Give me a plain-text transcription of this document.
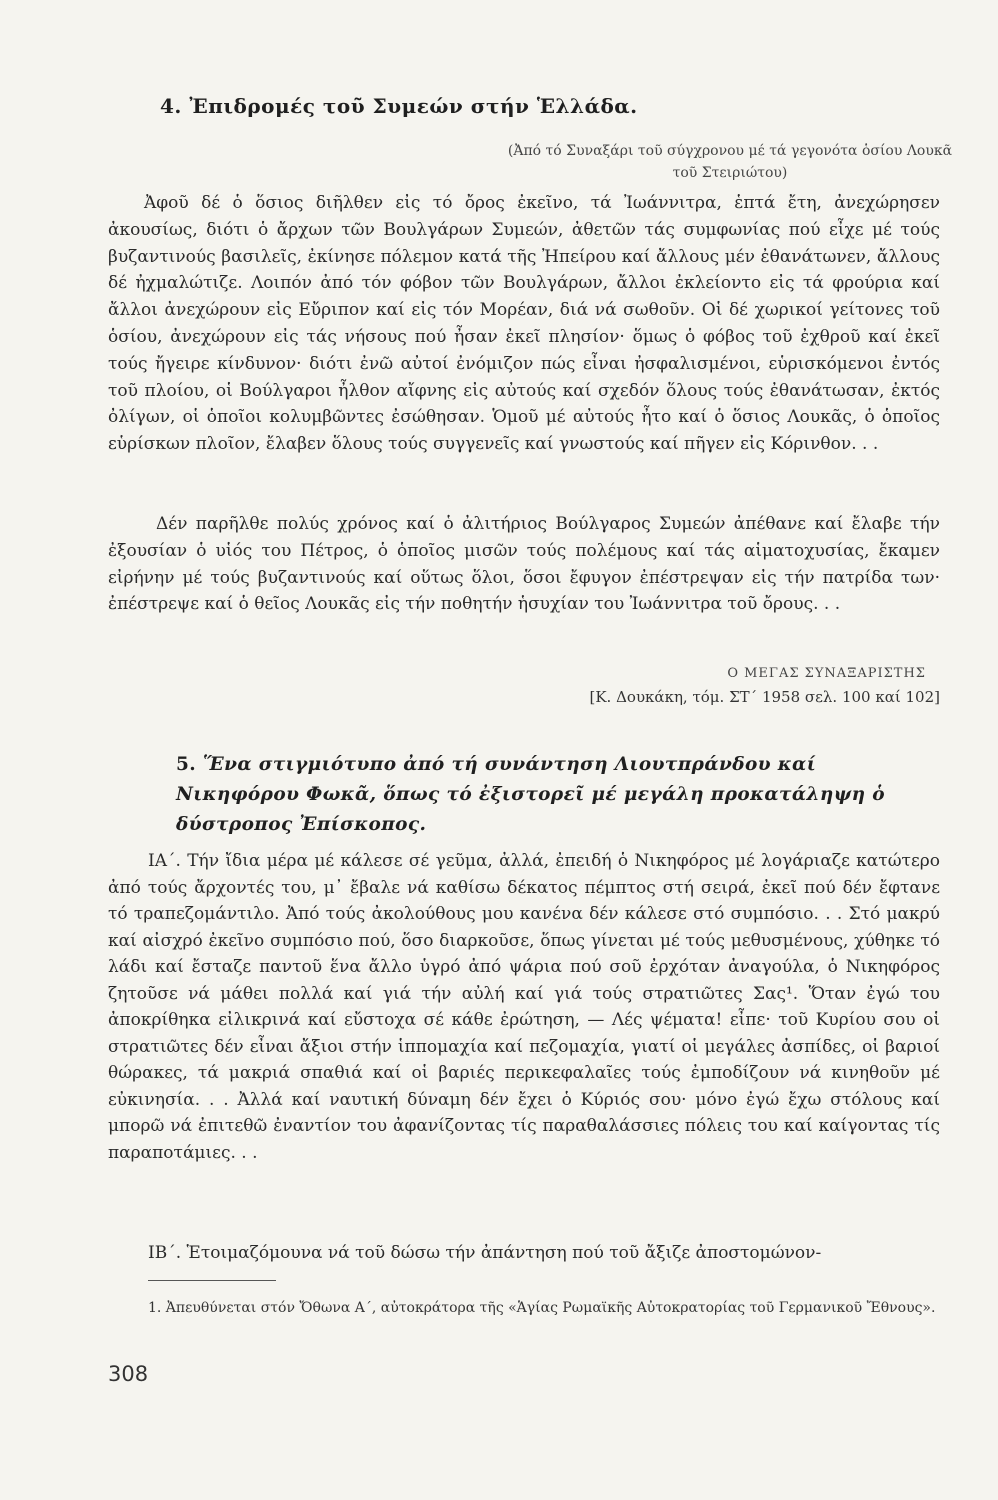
4. Ἐπιδρομές τοῦ Συμεών στήν Ἑλλάδα.
(Ἀπό τό Συναξάρι τοῦ σύγχρονου μέ τά γεγονότα ὁσίου Λουκᾶ τοῦ Στειριώτου)
Ἀφοῦ δέ ὁ ὅσιος διῆλθεν εἰς τό ὄρος ἐκεῖνο, τά Ἰωάννιτρα, ἑπτά ἔτη, ἀνεχώρησεν ἀκουσίως, διότι ὁ ἄρχων τῶν Βουλγάρων Συμεών, ἀθετῶν τάς συμφωνίας πού εἶχε μέ τούς βυζαντινούς βασιλεῖς, ἐκίνησε πόλεμον κατά τῆς Ἠπείρου καί ἄλλους μέν ἐθανάτωνεν, ἄλλους δέ ἠχμαλώτιζε. Λοιπόν ἀπό τόν φόβον τῶν Βουλγάρων, ἄλλοι ἐκλείοντο εἰς τά φρούρια καί ἄλλοι ἀνεχώρουν εἰς Εὔριπον καί εἰς τόν Μορέαν, διά νά σωθοῦν. Οἱ δέ χωρικοί γείτονες τοῦ ὁσίου, ἀνεχώρουν εἰς τάς νήσους πού ἦσαν ἐκεῖ πλησίον· ὅμως ὁ φόβος τοῦ ἐχθροῦ καί ἐκεῖ τούς ἤγειρε κίνδυνον· διότι ἐνῶ αὐτοί ἐνόμιζον πώς εἶναι ἠσφαλισμένοι, εὑρισκόμενοι ἐντός τοῦ πλοίου, οἱ Βούλγαροι ἦλθον αἴφνης εἰς αὐτούς καί σχεδόν ὅλους τούς ἐθανάτωσαν, ἐκτός ὀλίγων, οἱ ὁποῖοι κολυμβῶντες ἐσώθησαν. Ὁμοῦ μέ αὐτούς ἦτο καί ὁ ὅσιος Λουκᾶς, ὁ ὁποῖος εὑρίσκων πλοῖον, ἔλαβεν ὅλους τούς συγγενεῖς καί γνωστούς καί πῆγεν εἰς Κόρινθον. . .
Δέν παρῆλθε πολύς χρόνος καί ὁ ἀλιτήριος Βούλγαρος Συμεών ἀπέθανε καί ἔλαβε τήν ἐξουσίαν ὁ υἱός του Πέτρος, ὁ ὁποῖος μισῶν τούς πολέμους καί τάς αἱματοχυσίας, ἔκαμεν εἰρήνην μέ τούς βυζαντινούς καί οὕτως ὅλοι, ὅσοι ἔφυγον ἐπέστρεψαν εἰς τήν πατρίδα των· ἐπέστρεψε καί ὁ θεῖος Λουκᾶς εἰς τήν ποθητήν ἡσυχίαν του Ἰωάννιτρα τοῦ ὄρους. . .
Ο ΜΕΓΑΣ ΣΥΝΑΞΑΡΙΣΤΗΣ
[Κ. Δουκάκη, τόμ. ΣΤ΄ 1958 σελ. 100 καί 102]
5. Ἕνα στιγμιότυπο ἀπό τή συνάντηση Λιουτπράνδου καί Νικηφόρου Φωκᾶ, ὅπως τό ἐξιστορεῖ μέ μεγάλη προκατάληψη ὁ δύστροπος Ἐπίσκοπος.
ΙΑ΄. Τήν ἴδια μέρα μέ κάλεσε σέ γεῦμα, ἀλλά, ἐπειδή ὁ Νικηφόρος μέ λογάριαζε κατώτερο ἀπό τούς ἄρχοντές του, μ᾿ ἔβαλε νά καθίσω δέκατος πέμπτος στή σειρά, ἐκεῖ πού δέν ἔφτανε τό τραπεζομάντιλο. Ἀπό τούς ἀκολούθους μου κανένα δέν κάλεσε στό συμπόσιο. . . Στό μακρύ καί αἰσχρό ἐκεῖνο συμπόσιο πού, ὅσο διαρκοῦσε, ὅπως γίνεται μέ τούς μεθυσμένους, χύθηκε τό λάδι καί ἔσταζε παντοῦ ἕνα ἄλλο ὑγρό ἀπό ψάρια πού σοῦ ἐρχόταν ἀναγούλα, ὁ Νικηφόρος ζητοῦσε νά μάθει πολλά καί γιά τήν αὐλή καί γιά τούς στρατιῶτες Σας¹. Ὅταν ἐγώ του ἀποκρίθηκα εἰλικρινά καί εὔστοχα σέ κάθε ἐρώτηση, — Λές ψέματα! εἶπε· τοῦ Κυρίου σου οἱ στρατιῶτες δέν εἶναι ἄξιοι στήν ἱππομαχία καί πεζομαχία, γιατί οἱ μεγάλες ἀσπίδες, οἱ βαριοί θώρακες, τά μακριά σπαθιά καί οἱ βαριές περικεφαλαῖες τούς ἐμποδίζουν νά κινηθοῦν μέ εὐκινησία. . . Ἀλλά καί ναυτική δύναμη δέν ἔχει ὁ Κύριός σου· μόνο ἐγώ ἔχω στόλους καί μπορῶ νά ἐπιτεθῶ ἐναντίον του ἀφανίζοντας τίς παραθαλάσσιες πόλεις του καί καίγοντας τίς παραποτάμιες. . .
ΙΒ΄. Ἑτοιμαζόμουνα νά τοῦ δώσω τήν ἀπάντηση πού τοῦ ἄξιζε ἀποστομώνον-
1. Ἀπευθύνεται στόν Ὄθωνα Α΄, αὐτοκράτορα τῆς «Ἁγίας Ρωμαϊκῆς Αὐτοκρατορίας τοῦ Γερμανικοῦ Ἔθνους».
308
